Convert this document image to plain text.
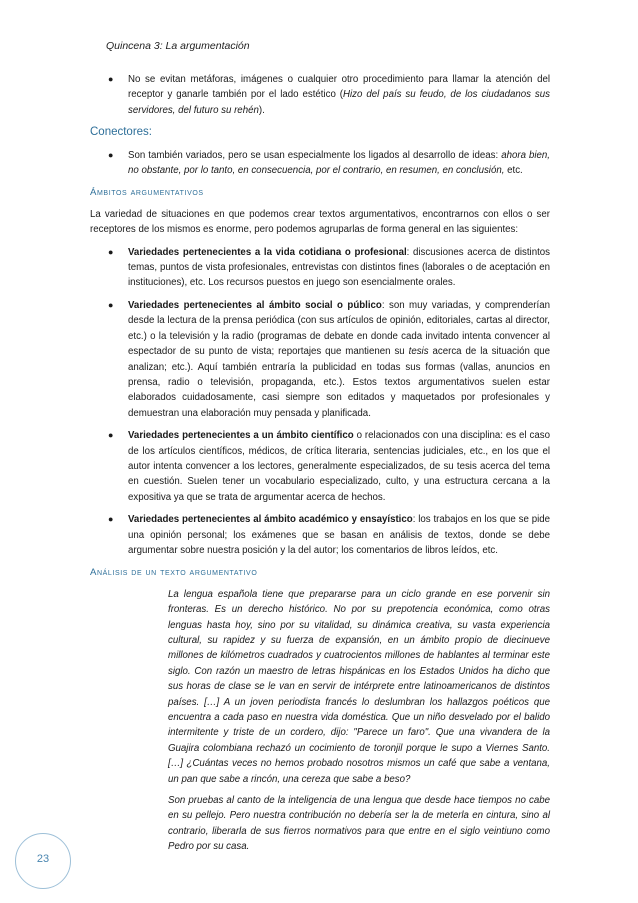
Quincena 3: La argumentación
● No se evitan metáforas, imágenes o cualquier otro procedimiento para llamar la atención del receptor y ganarle también por el lado estético (Hizo del país su feudo, de los ciudadanos sus servidores, del futuro su rehén).
Conectores:
● Son también variados, pero se usan especialmente los ligados al desarrollo de ideas: ahora bien, no obstante, por lo tanto, en consecuencia, por el contrario, en resumen, en conclusión, etc.
Ámbitos argumentativos
La variedad de situaciones en que podemos crear textos argumentativos, encontrarnos con ellos o ser receptores de los mismos es enorme, pero podemos agruparlas de forma general en las siguientes:
● Variedades pertenecientes a la vida cotidiana o profesional: discusiones acerca de distintos temas, puntos de vista profesionales, entrevistas con distintos fines (laborales o de aceptación en instituciones), etc. Los recursos puestos en juego son esencialmente orales.
● Variedades pertenecientes al ámbito social o público: son muy variadas, y comprenderían desde la lectura de la prensa periódica (con sus artículos de opinión, editoriales, cartas al director, etc.) o la televisión y la radio (programas de debate en donde cada invitado intenta convencer al espectador de su punto de vista; reportajes que mantienen su tesis acerca de la situación que analizan; etc.). Aquí también entraría la publicidad en todas sus formas (vallas, anuncios en prensa, radio o televisión, propaganda, etc.). Estos textos argumentativos suelen estar elaborados cuidadosamente, casi siempre son editados y maquetados por profesionales y demuestran una elaboración muy pensada y planificada.
● Variedades pertenecientes a un ámbito científico o relacionados con una disciplina: es el caso de los artículos científicos, médicos, de crítica literaria, sentencias judiciales, etc., en los que el autor intenta convencer a los lectores, generalmente especializados, de su tesis acerca del tema en cuestión. Suelen tener un vocabulario especializado, culto, y una estructura cercana a la expositiva ya que se trata de argumentar acerca de hechos.
● Variedades pertenecientes al ámbito académico y ensayístico: los trabajos en los que se pide una opinión personal; los exámenes que se basan en análisis de textos, donde se debe argumentar sobre nuestra posición y la del autor; los comentarios de libros leídos, etc.
Análisis de un texto argumentativo
La lengua española tiene que prepararse para un ciclo grande en ese porvenir sin fronteras. Es un derecho histórico. No por su prepotencia económica, como otras lenguas hasta hoy, sino por su vitalidad, su dinámica creativa, su vasta experiencia cultural, su rapidez y su fuerza de expansión, en un ámbito propio de diecinueve millones de kilómetros cuadrados y cuatrocientos millones de hablantes al terminar este siglo. Con razón un maestro de letras hispánicas en los Estados Unidos ha dicho que sus horas de clase se le van en servir de intérprete entre latinoamericanos de distintos países. […] A un joven periodista francés lo deslumbran los hallazgos poéticos que encuentra a cada paso en nuestra vida doméstica. Que un niño desvelado por el balido intermitente y triste de un cordero, dijo: "Parece un faro". Que una vivandera de la Guajira colombiana rechazó un cocimiento de toronjil porque le supo a Viernes Santo. […] ¿Cuántas veces no hemos probado nosotros mismos un café que sabe a ventana, un pan que sabe a rincón, una cereza que sabe a beso?
Son pruebas al canto de la inteligencia de una lengua que desde hace tiempos no cabe en su pellejo. Pero nuestra contribución no debería ser la de meterla en cintura, sino al contrario, liberarla de sus fierros normativos para que entre en el siglo veintiuno como Pedro por su casa.
23
